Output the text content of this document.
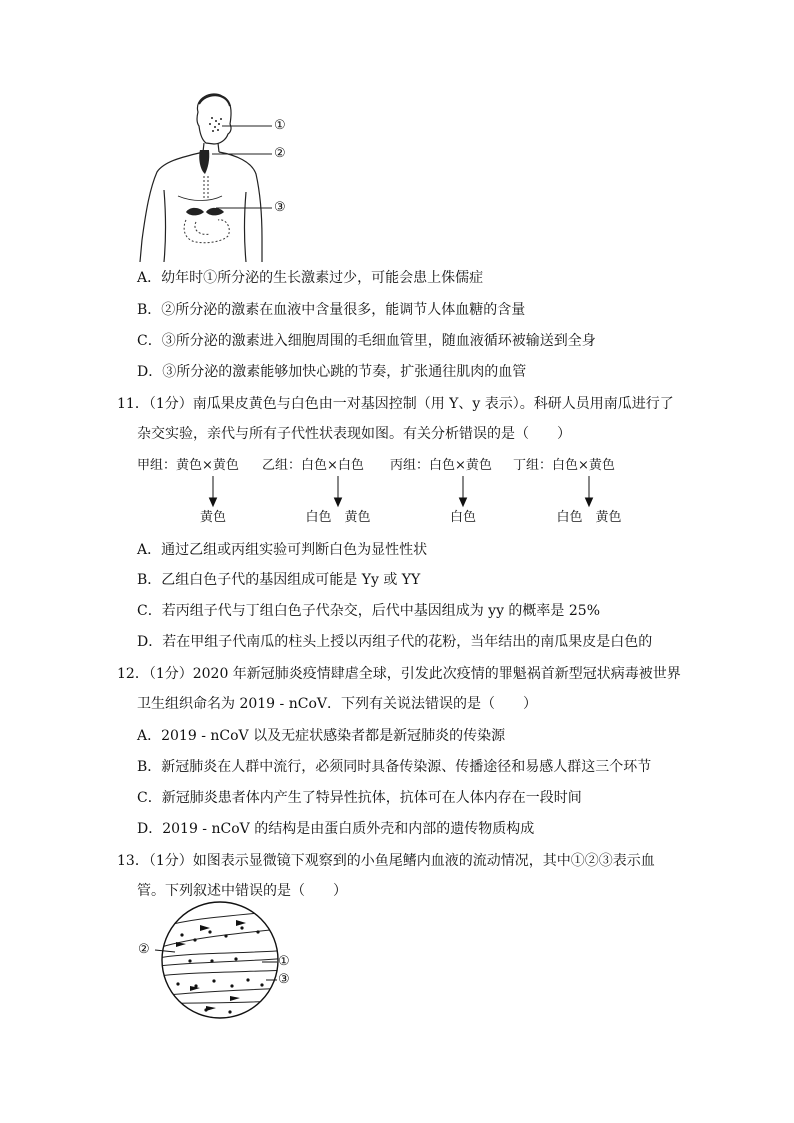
①
②
③
A．幼年时①所分泌的生长激素过少，可能会患上侏儒症
B．②所分泌的激素在血液中含量很多，能调节人体血糖的含量
C．③所分泌的激素进入细胞周围的毛细血管里，随血液循环被输送到全身
D．③所分泌的激素能够加快心跳的节奏，扩张通往肌肉的血管
11．（1分）南瓜果皮黄色与白色由一对基因控制（用 Y、y 表示）。科研人员用南瓜进行了
杂交实验，亲代与所有子代性状表现如图。有关分析错误的是（　　）
甲组：黄色×黄色 乙组：白色×白色 丙组：白色×黄色 丁组：白色×黄色
黄色	白色　黄色	白色	白色　黄色
A．通过乙组或丙组实验可判断白色为显性性状
B．乙组白色子代的基因组成可能是 Yy 或 YY
C．若丙组子代与丁组白色子代杂交，后代中基因组成为 yy 的概率是 25%
D．若在甲组子代南瓜的柱头上授以丙组子代的花粉，当年结出的南瓜果皮是白色的
12．（1分）2020 年新冠肺炎疫情肆虐全球，引发此次疫情的罪魁祸首新型冠状病毒被世界
卫生组织命名为 2019 - nCoV．下列有关说法错误的是（　　）
A．2019 - nCoV 以及无症状感染者都是新冠肺炎的传染源
B．新冠肺炎在人群中流行，必须同时具备传染源、传播途径和易感人群这三个环节
C．新冠肺炎患者体内产生了特异性抗体，抗体可在人体内存在一段时间
D．2019 - nCoV 的结构是由蛋白质外壳和内部的遗传物质构成
13．（1分）如图表示显微镜下观察到的小鱼尾鳍内血液的流动情况，其中①②③表示血
管。下列叙述中错误的是（　　）
②
①
③
